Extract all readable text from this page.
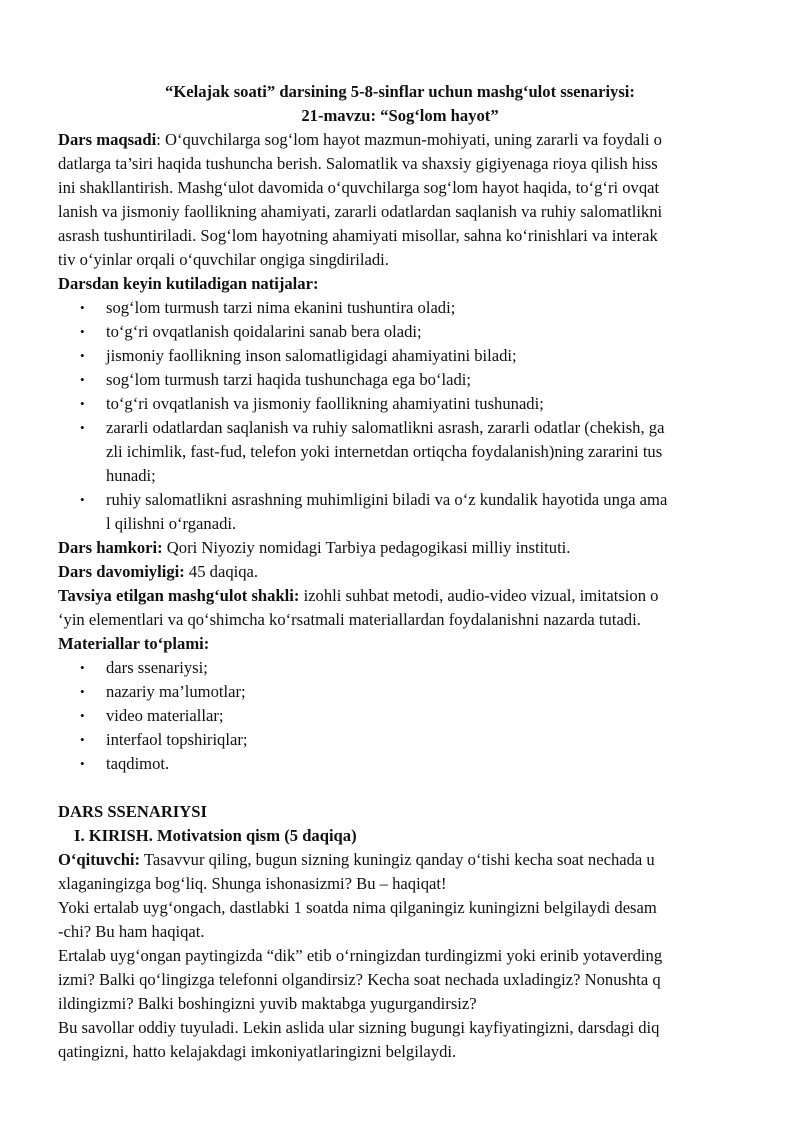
“Kelajak soati” darsining 5-8-sinflar uchun mashg‘ulot ssenariysi:
21-mavzu: “Sog‘lom hayot”
Dars maqsadi: O‘quvchilarga sog‘lom hayot mazmun-mohiyati, uning zararli va foydali o
datlarga ta’siri haqida tushuncha berish. Salomatlik va shaxsiy gigiyenaga rioya qilish hiss
ini shakllantirish. Mashg‘ulot davomida o‘quvchilarga sog‘lom hayot haqida, to‘g‘ri ovqat
lanish va jismoniy faollikning ahamiyati, zararli odatlardan saqlanish va ruhiy salomatlikni
asrash tushuntiriladi. Sog‘lom hayotning ahamiyati misollar, sahna ko‘rinishlari va interak
tiv o‘yinlar orqali o‘quvchilar ongiga singdiriladi.
Darsdan keyin kutiladigan natijalar:
• sog‘lom turmush tarzi nima ekanini tushuntira oladi;
• to‘g‘ri ovqatlanish qoidalarini sanab bera oladi;
• jismoniy faollikning inson salomatligidagi ahamiyatini biladi;
• sog‘lom turmush tarzi haqida tushunchaga ega bo‘ladi;
• to‘g‘ri ovqatlanish va jismoniy faollikning ahamiyatini tushunadi;
• zararli odatlardan saqlanish va ruhiy salomatlikni asrash, zararli odatlar (chekish, ga
zli ichimlik, fast-fud, telefon yoki internetdan ortiqcha foydalanish)ning zararini tus
hunadi;
• ruhiy salomatlikni asrashning muhimligini biladi va o‘z kundalik hayotida unga ama
l qilishni o‘rganadi.
Dars hamkori: Qori Niyoziy nomidagi Tarbiya pedagogikasi milliy instituti.
Dars davomiyligi: 45 daqiqa.
Tavsiya etilgan mashg‘ulot shakli: izohli suhbat metodi, audio-video vizual, imitatsion o
‘yin elementlari va qo‘shimcha ko‘rsatmali materiallardan foydalanishni nazarda tutadi.
Materiallar to‘plami:
• dars ssenariysi;
• nazariy ma’lumotlar;
• video materiallar;
• interfaol topshiriqlar;
• taqdimot.
DARS SSENARIYSI
I. KIRISH. Motivatsion qism (5 daqiqa)
O‘qituvchi: Tasavvur qiling, bugun sizning kuningiz qanday o‘tishi kecha soat nechada u
xlaganingizga bog‘liq. Shunga ishonasizmi? Bu – haqiqat!
Yoki ertalab uyg‘ongach, dastlabki 1 soatda nima qilganingiz kuningizni belgilaydi desam
-chi? Bu ham haqiqat.
Ertalab uyg‘ongan paytingizda “dik” etib o‘rningizdan turdingizmi yoki erinib yotaverding
izmi? Balki qo‘lingizga telefonni olgandirsiz? Kecha soat nechada uxladingiz? Nonushta q
ildingizmi? Balki boshingizni yuvib maktabga yugurgandirsiz?
Bu savollar oddiy tuyuladi. Lekin aslida ular sizning bugungi kayfiyatingizni, darsdagi diq
qatingizni, hatto kelajakdagi imkoniyatlaringizni belgilaydi.
